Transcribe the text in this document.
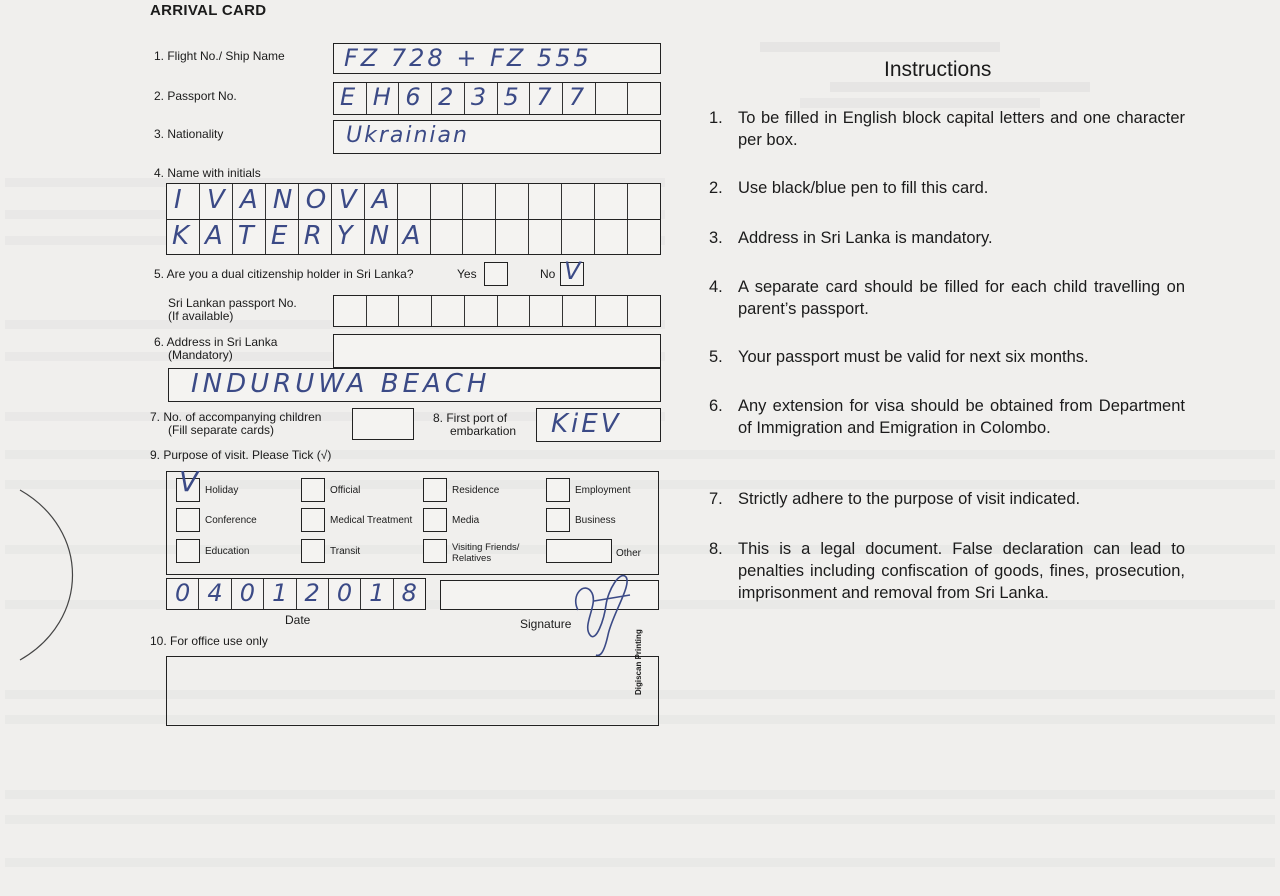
ARRIVAL CARD
1. Flight No./ Ship Name FZ 728 + FZ 555
2. Passport No.	E H 6 2 3 5 7 7
3. Nationality	Ukrainian
4. Name with initials
I V A N O V A
K A T E R Y N A
5. Are you a dual citizenship holder in Sri Lanka?	Yes	No V
Sri Lankan passport No.
(If available)
6. Address in Sri Lanka
(Mandatory)
INDURUWA BEACH
7. No. of accompanying children
(Fill separate cards)
8. First port of
embarkation KiEV
9. Purpose of visit. Please Tick (√)
V Holiday	Official	Residence	Employment
Conference	Medical Treatment	Media	Business
Education	Transit	Visiting Friends/
Relatives	Other
0 4 0 1 2 0 1 8
Date	Signature
10. For office use only	Digiscan Printing
Instructions
1. To be filled in English block capital letters and one character per box.
2. Use black/blue pen to fill this card.
3. Address in Sri Lanka is mandatory.
4. A separate card should be filled for each child travelling on parent’s passport.
5. Your passport must be valid for next six months.
6. Any extension for visa should be obtained from Department of Immigration and Emigration in Colombo.
7. Strictly adhere to the purpose of visit indicated.
8. This is a legal document. False declaration can lead to penalties including confiscation of goods, fines, prosecution, imprisonment and removal from Sri Lanka.
